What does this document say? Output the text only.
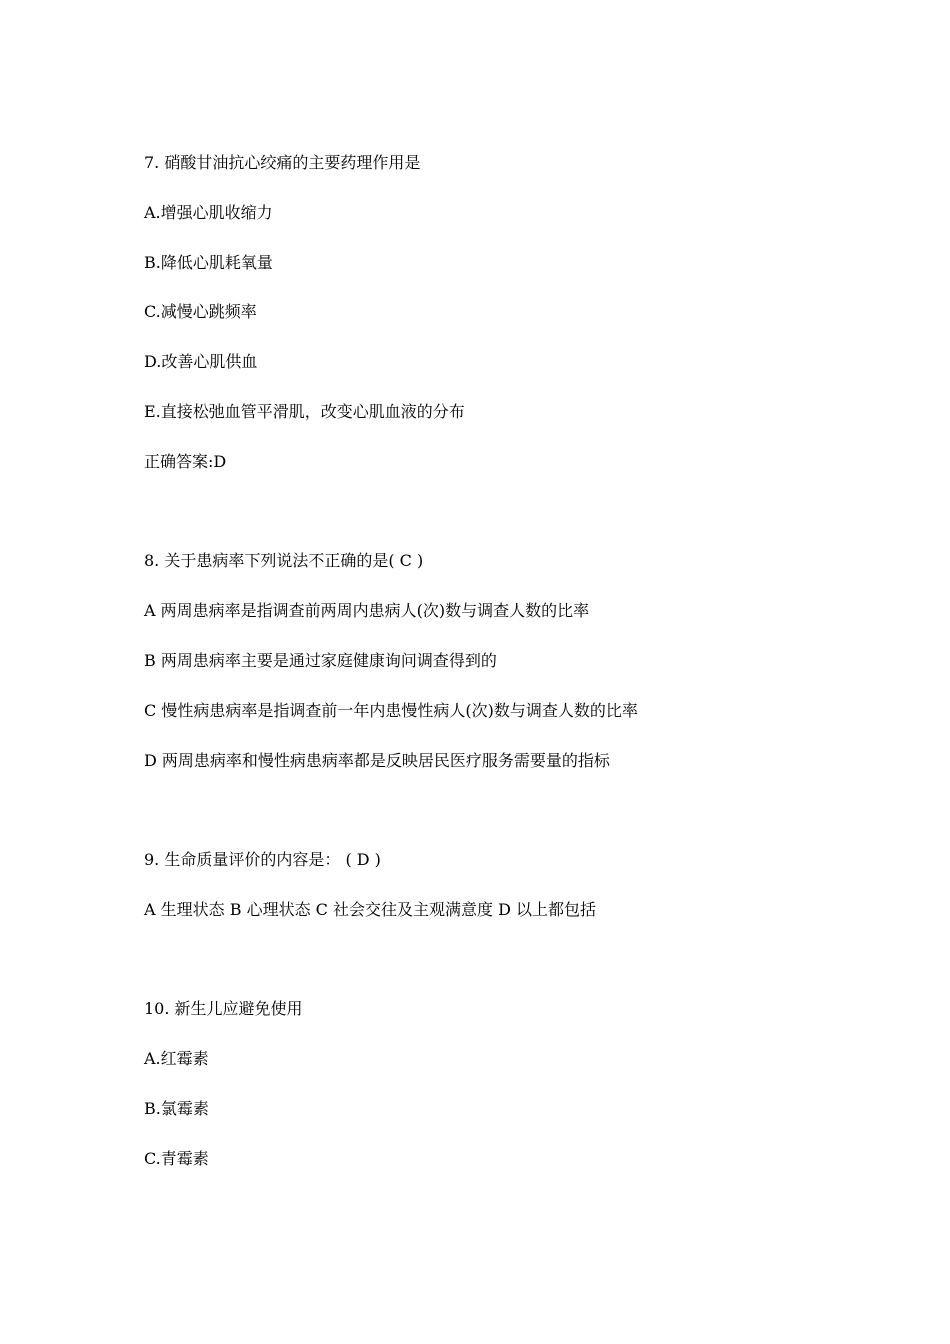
7. 硝酸甘油抗心绞痛的主要药理作用是
A.增强心肌收缩力
B.降低心肌耗氧量
C.减慢心跳频率
D.改善心肌供血
E.直接松弛血管平滑肌，改变心肌血液的分布
正确答案:D
8. 关于患病率下列说法不正确的是( C )
A 两周患病率是指调查前两周内患病人(次)数与调查人数的比率
B 两周患病率主要是通过家庭健康询问调查得到的
C 慢性病患病率是指调查前一年内患慢性病人(次)数与调查人数的比率
D 两周患病率和慢性病患病率都是反映居民医疗服务需要量的指标
9. 生命质量评价的内容是： ( D )
A 生理状态 B 心理状态 C 社会交往及主观满意度 D 以上都包括
10. 新生儿应避免使用
A.红霉素
B.氯霉素
C.青霉素
